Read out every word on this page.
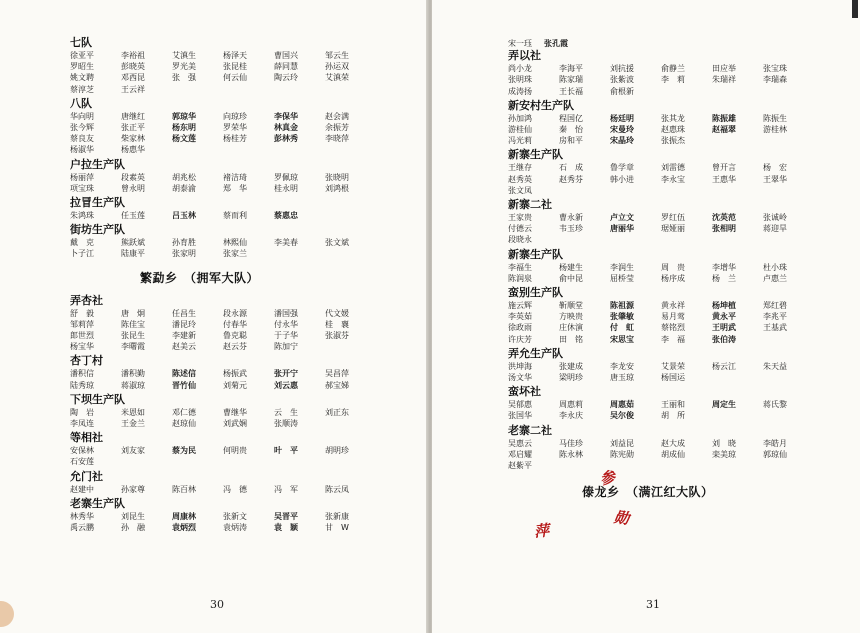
七队
徐亚平	李裕祖	艾滇生	杨泽天	曹国兴	邹云生
罗昭生	彭晓英	罗光美	张昆桂	薛同慧	孙运双
姚文聘	邓西昆	张　强	何云仙	陶云玲	艾滇荣
蔡淳芝	王云祥
八队
华向明	唐继红	郭琼华	向琼珍	李保华	赵会满
张今辉	张正平	杨东明	罗荣华	林真金	余振芳
蔡良友	柴家林	杨文莲	杨桂芳	彭林秀	李晓萍
杨淑华	杨惠华
户拉生产队
杨丽萍	段素英	胡兆松	褚洁琦	罗佩琼	张晓明
项宝珠	曾永明	胡泰渝	郑　华	桂永明	刘鸿根
拉冒生产队
朱鸿珠	任玉莲	吕玉林	蔡而利	蔡惠忠
街坊生产队
戴　克	熊跃斌	孙育胜	林熙仙	李美春	张文斌
卜子江	陆康平	张家明	张家兰
繁勐乡　（拥军大队）
弄杏社
舒　毅	唐　炯	任昌生	段永源	潘国强	代文媛
邹莉萍	陈佳宝	潘昆玲	付春华	付永华	桂　襄
郎世烈	张昆生	李建新	鲁克聪	于子华	张淑芬
杨宝华	李曙霞	赵美云	赵云芬	陈加宁
杏丁村
潘积信	潘积勤	陈述信	杨振武	张开宁	吴昌萍
陆秀琼	蒋淑琼	晋竹仙	刘菊元	刘云惠	郝宝娣
下坝生产队
陶　岩	米恩如	邓仁德	曹继华	云　生	刘正东
李凤连	王金兰	赵琼仙	刘武娴	张顺涛
等相社
安保林	刘友家	蔡为民	何明贵	叶　平	胡明珍
石安莲
允门社
赵建中	孙家尊	陈百林	冯　德	冯　军	陈云凤
老寨生产队
林秀华	刘昆生	周康林	张新文	吴晋平	张新康
禹云鹏	孙　融	袁炳烈	袁炳涛	袁　颖	甘　W
30
宋一珏 张孔霞
弄以社
尚小龙	李海平	刘抗援	俞静兰	田应举	张宝珠
张明珠	陈家瑞	张紫波	李　莉	朱瑞祥	李瑞森
成涛扬	王长福	俞根新
新安村生产队
孙加鸿	程国亿	杨廷明	张其龙	陈振雄	陈振生
游桂仙	秦　怡	宋曼玲	赵惠珠	赵福翠	游桂林
冯光莉	房和平	宋晶玲	张振杰
新寨生产队
王继存	石　成	鲁学章	刘雷德	曾开言	杨　宏
赵秀英	赵秀芬	韩小进	李永宝	王惠华	王翠华
张文凤
新寨二社
王家贵	曹永新	卢立文	罗红伍	沈英范	张诚岭
付德云	韦玉珍	唐丽华	琚娅丽	张相明	蒋迎旱
段晓永
新寨生产队
李福生	杨建生	李润生	周　贵	李增华	杜小珠
陈润泉	俞中昆	屈桥莹	杨序成	杨　兰	卢惠兰
蛮别生产队
施云辉	靳顺堂	陈祖源	黄永祥	杨坤植	郑红碧
李英茹	方映贵	张肇敏	易月莺	黄永平	李兆平
徐政雨	庄休演	付　虹	蔡铭烈	王明武	王基武
许庆芳	田　铭	宋思宝	李　福	张伯涛
弄允生产队
洪坤海	张建成	李龙安	艾景荣	杨云江	朱天益
汤文华	梁明珍	唐玉琼	杨国运
蛮坏社
吴郁惠	周惠莉	周惠茹	王丽和	周定生	蒋氏黎
张国华	李永庆	吴尔俊	胡　所
老寨二社
吴惠云	马佳珍	刘益昆	赵大成	刘　晓	李皓月
邓启耀	陈永林	陈宪勋	胡成仙	栾美琼	郭琼仙
赵紫平
傣龙乡　（满江红大队）
31
参
勋
萍
